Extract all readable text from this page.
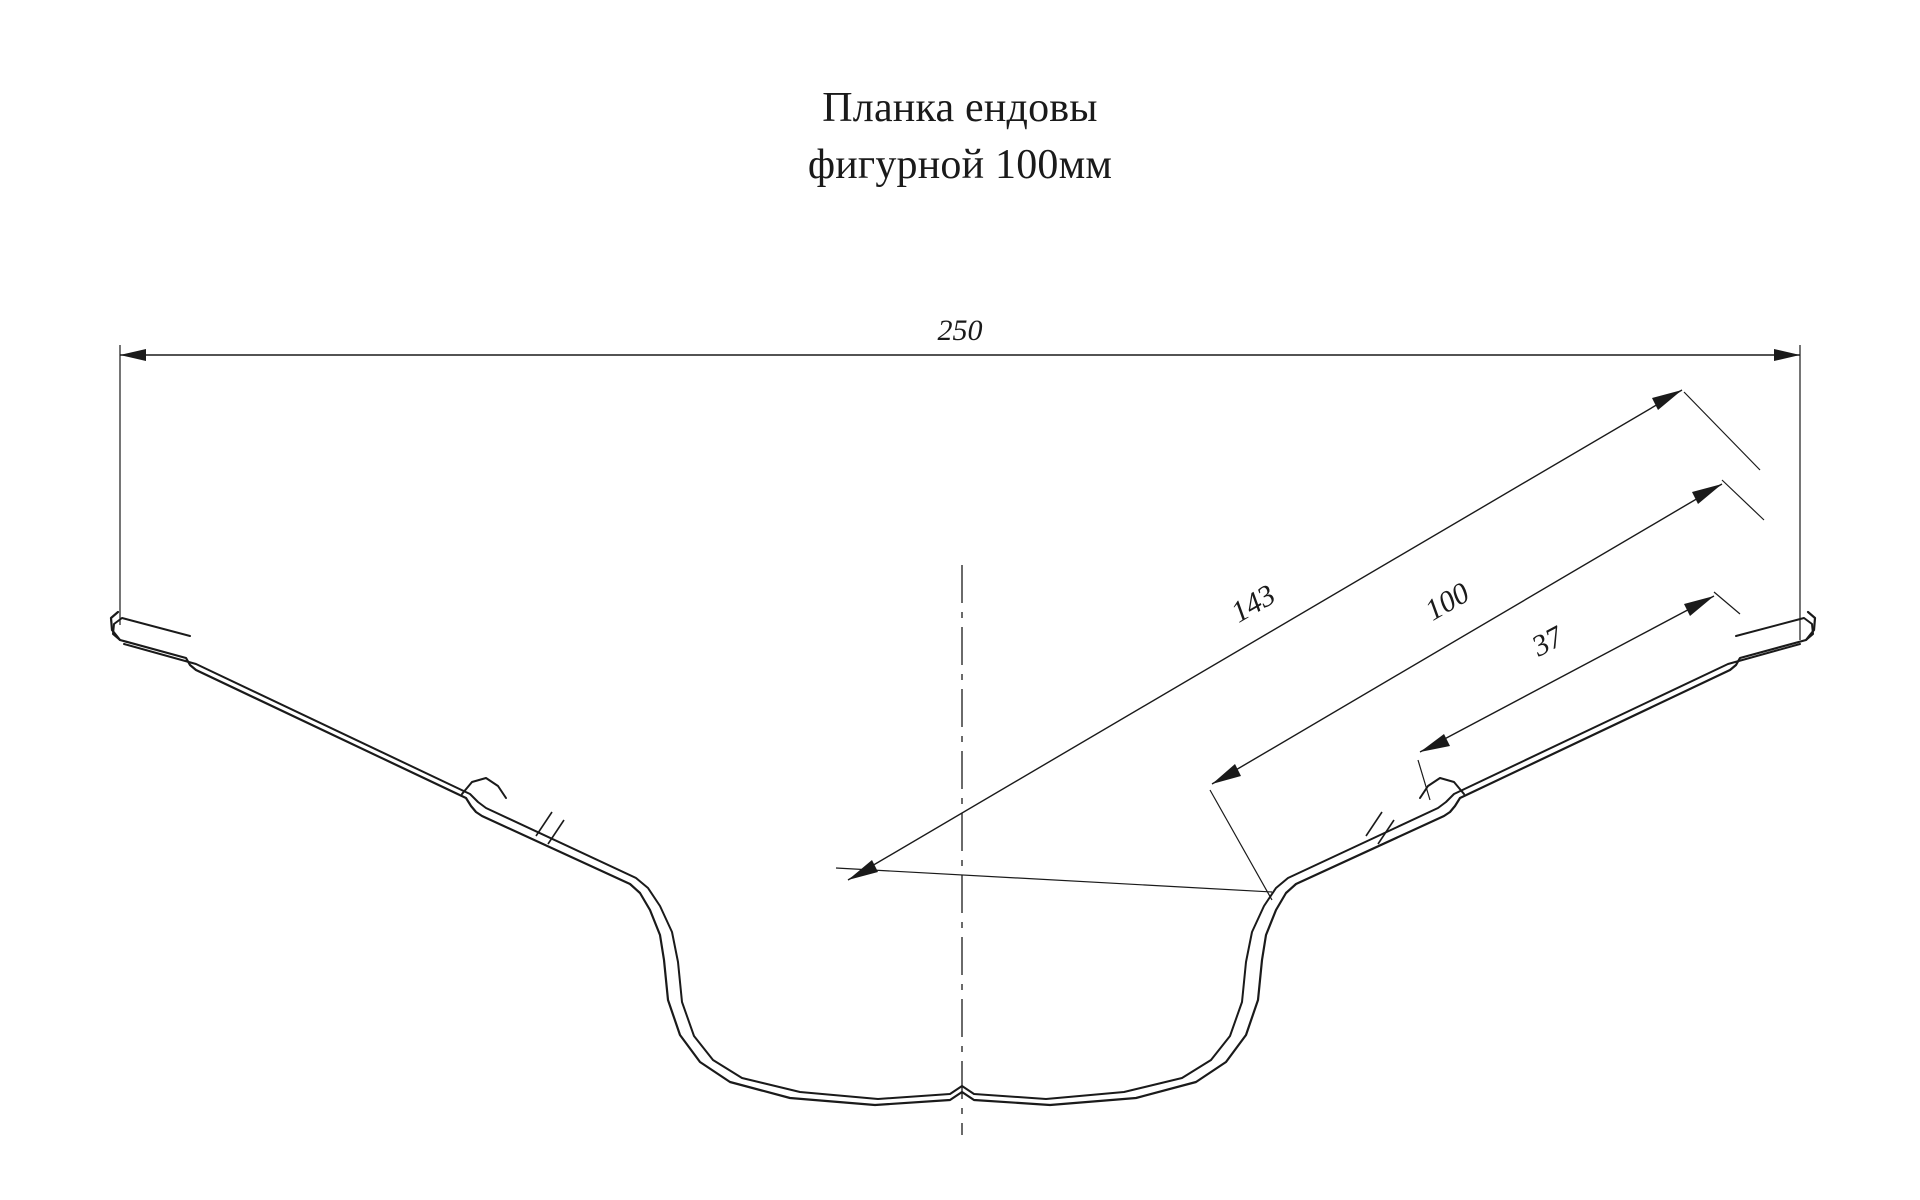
Планка ендовы
фигурной 100мм
250
143	100
37
